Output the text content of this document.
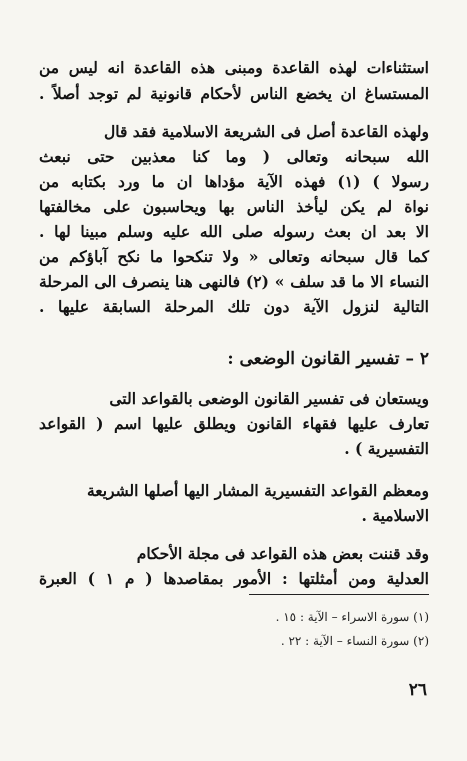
استثناءات لهذه القاعدة ومبنى هذه القاعدة انه ليس من
المستساغ ان يخضع الناس لأحكام قانونية لم توجد أصلاً .
ولهذه القاعدة أصل فى الشريعة الاسلامية فقد قال
الله سبحانه وتعالى ( وما كنا معذبين حتى نبعث
رسولا ) (١) فهذه الآية مؤداها ان ما ورد بكتابه من
نواة لم يكن ليأخذ الناس بها ويحاسبون على مخالفتها
الا بعد ان بعث رسوله صلى الله عليه وسلم مبينا لها .
كما قال سبحانه وتعالى « ولا تنكحوا ما نكح آباؤكم من
النساء الا ما قد سلف » (٢) فالنهى هنا ينصرف الى المرحلة
التالية لنزول الآية دون تلك المرحلة السابقة عليها .
٢ – تفسير القانون الوضعى :
ويستعان فى تفسير القانون الوضعى بالقواعد التى
تعارف عليها فقهاء القانون ويطلق عليها اسم ( القواعد
التفسيرية ) .
ومعظم القواعد التفسيرية المشار اليها أصلها الشريعة
الاسلامية .
وقد قننت بعض هذه القواعد فى مجلة الأحكام
العدلية ومن أمثلتها : الأمور بمقاصدها ( م ١ ) العبرة
(١) سورة الاسراء – الآية : ١٥ .
(٢) سورة النساء – الآية : ٢٢ .
٢٦
